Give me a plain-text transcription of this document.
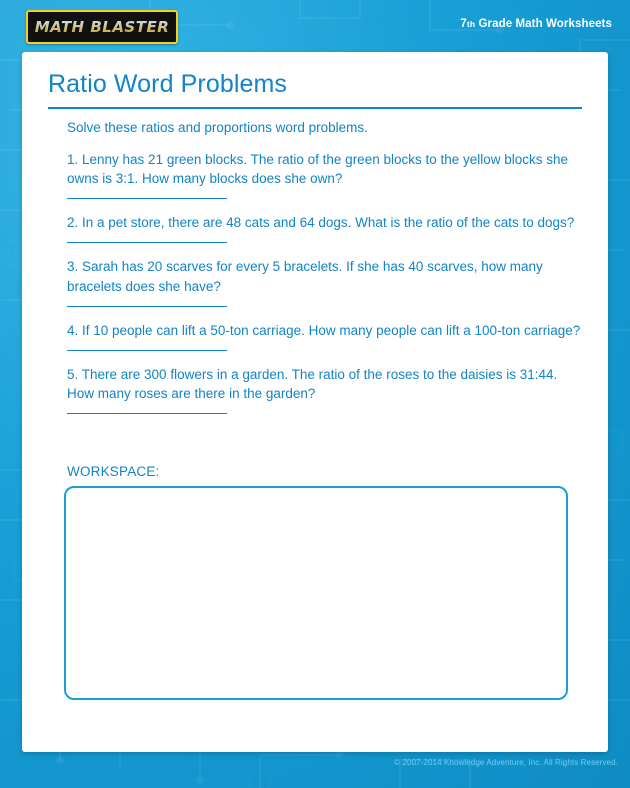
MATH BLASTER	7th Grade Math Worksheets
Ratio Word Problems
Solve these ratios and proportions word problems.
1. Lenny has 21 green blocks. The ratio of the green blocks to the yellow blocks she owns is 3:1. How many blocks does she own?
2. In a pet store, there are 48 cats and 64 dogs. What is the ratio of the cats to dogs?
3. Sarah has 20 scarves for every 5 bracelets. If she has 40 scarves, how many bracelets does she have?
4. If 10 people can lift a 50-ton carriage. How many people can lift a 100-ton carriage?
5. There are 300 flowers in a garden. The ratio of the roses to the daisies is 31:44. How many roses are there in the garden?
WORKSPACE:
© 2007-2014 Knowledge Adventure, Inc. All Rights Reserved.
